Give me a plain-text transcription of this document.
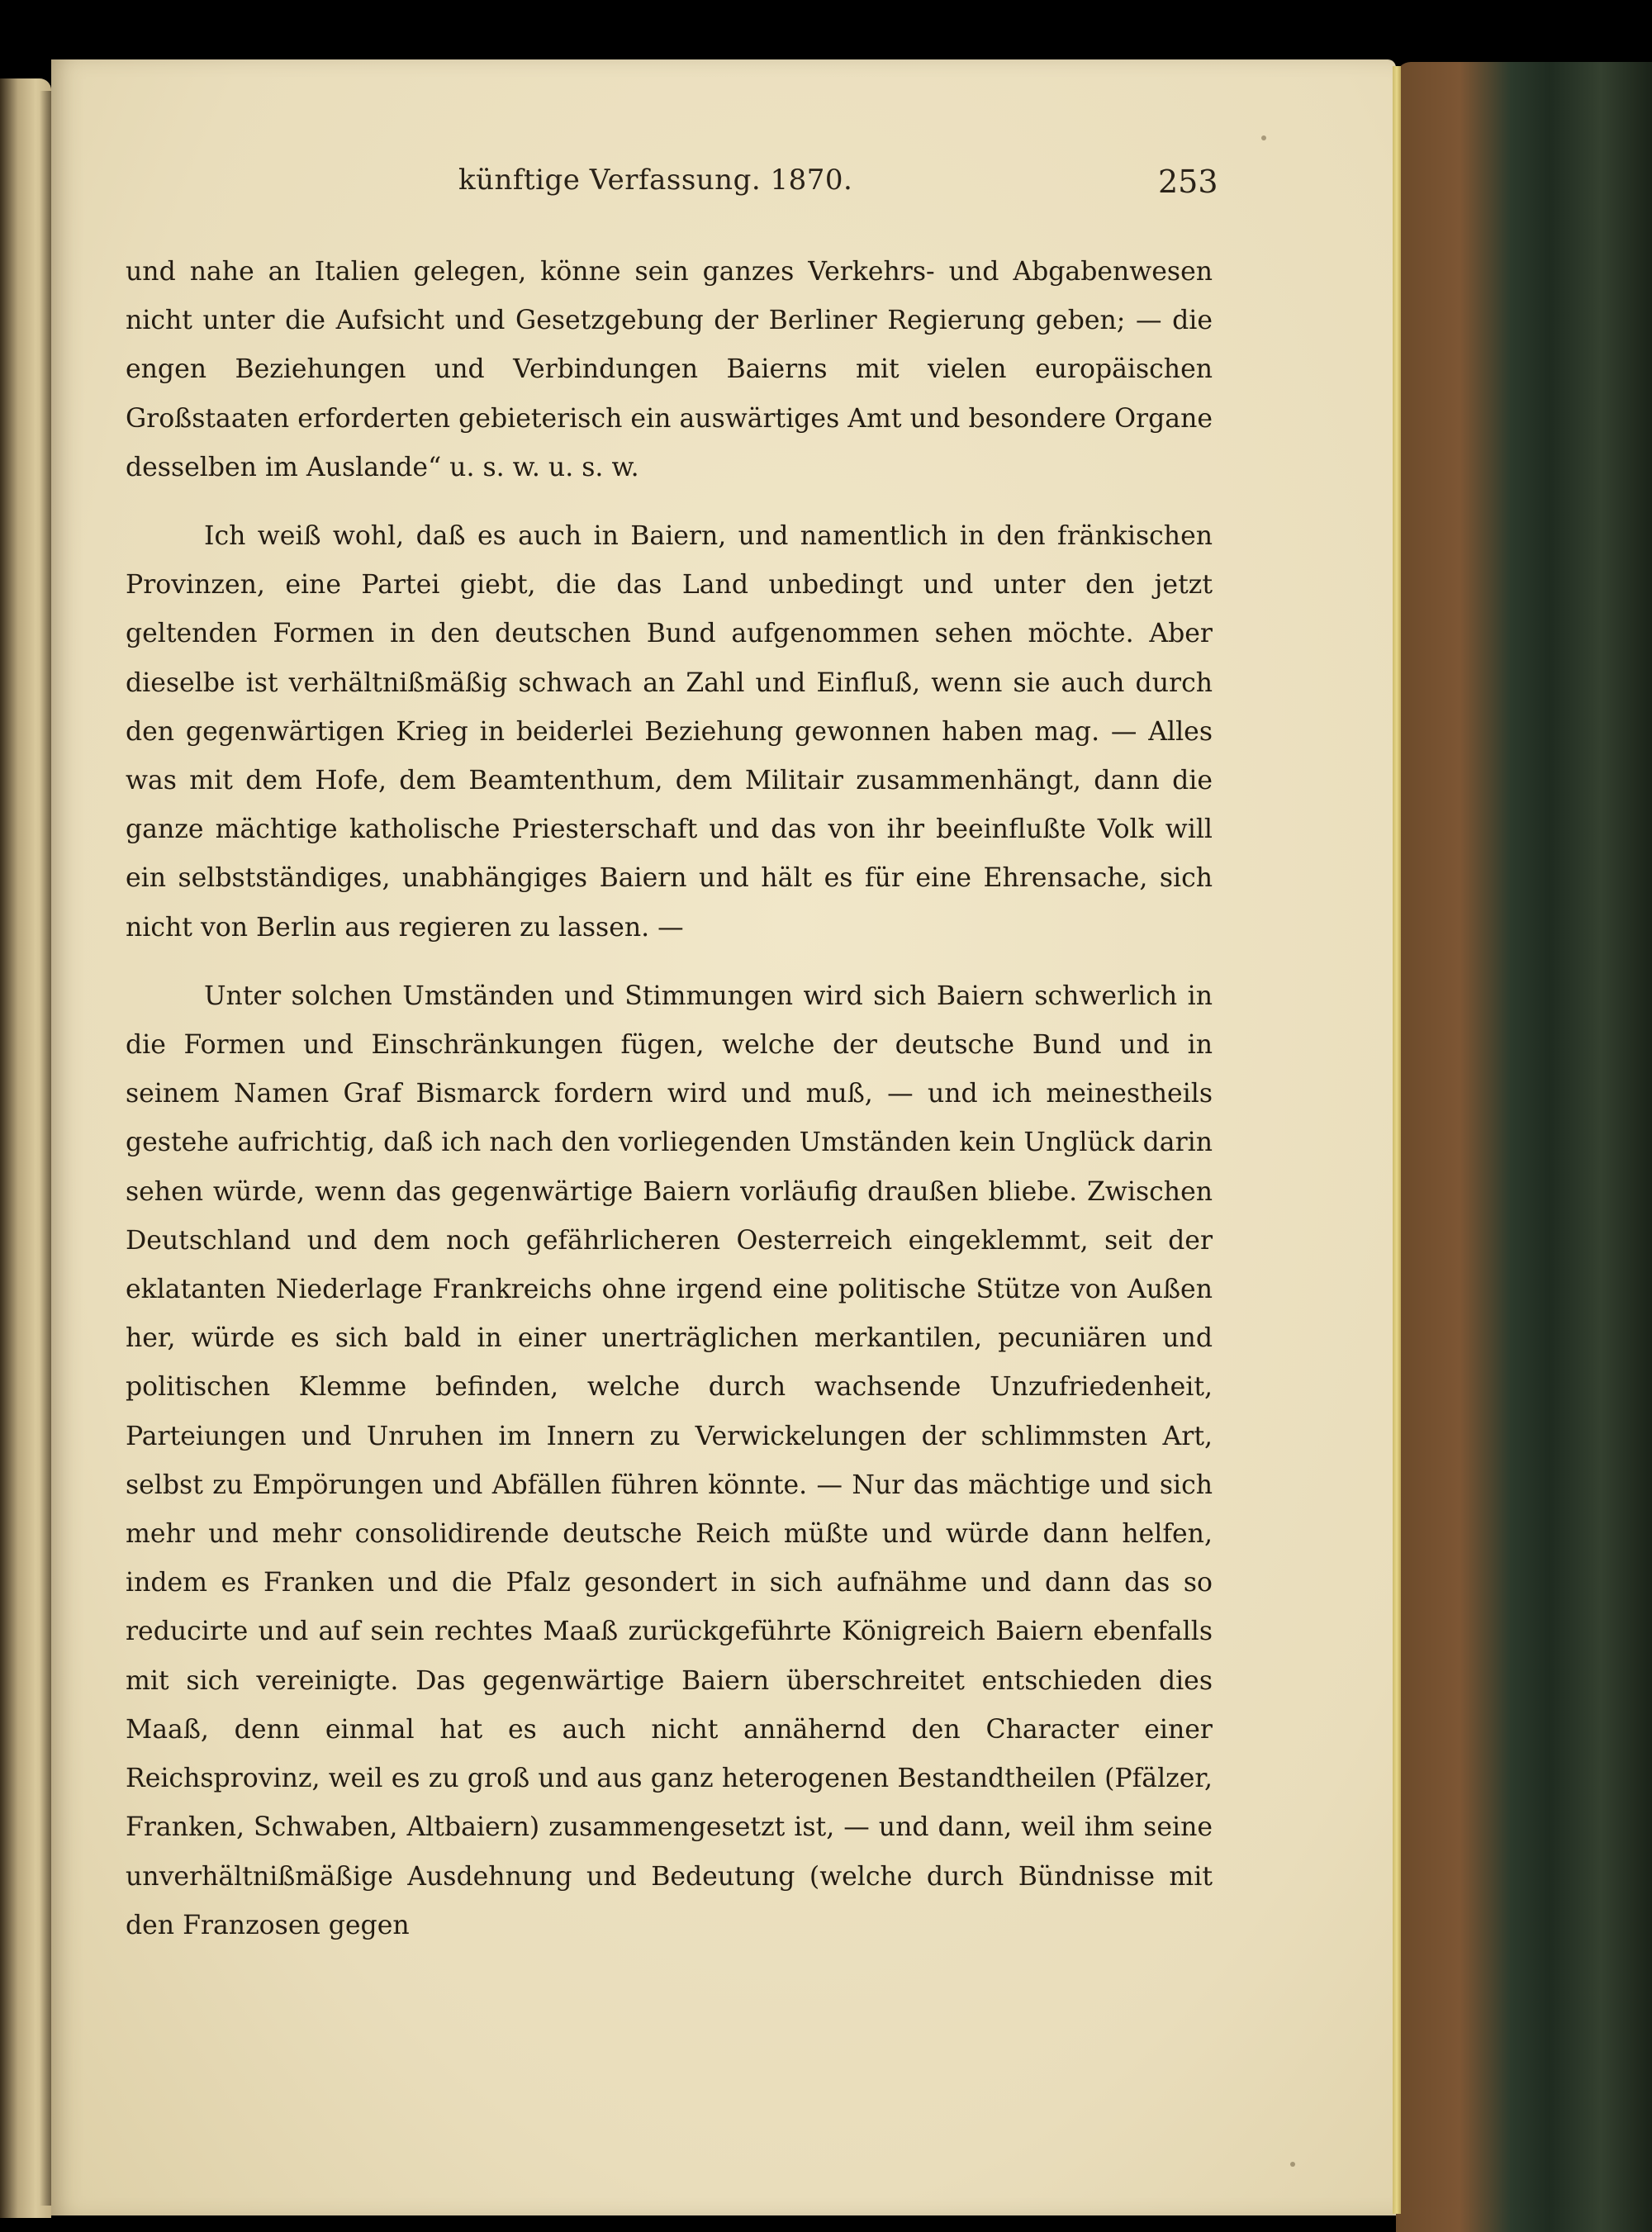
künftige Verfassung. 1870.	253

und nahe an Italien gelegen, könne sein ganzes Verkehrs- und Abgabenwesen nicht unter die Aufsicht und Gesetzgebung der Berliner Regierung geben; — die engen Beziehungen und Verbindungen Baierns mit vielen europäischen Großstaaten erforderten gebieterisch ein auswärtiges Amt und besondere Organe desselben im Auslande“ u. s. w. u. s. w.

Ich weiß wohl, daß es auch in Baiern, und namentlich in den fränkischen Provinzen, eine Partei giebt, die das Land unbedingt und unter den jetzt geltenden Formen in den deutschen Bund aufgenommen sehen möchte. Aber dieselbe ist verhältnißmäßig schwach an Zahl und Einfluß, wenn sie auch durch den gegenwärtigen Krieg in beiderlei Beziehung gewonnen haben mag. — Alles was mit dem Hofe, dem Beamtenthum, dem Militair zusammenhängt, dann die ganze mächtige katholische Priesterschaft und das von ihr beeinflußte Volk will ein selbstständiges, unabhängiges Baiern und hält es für eine Ehrensache, sich nicht von Berlin aus regieren zu lassen. —

Unter solchen Umständen und Stimmungen wird sich Baiern schwerlich in die Formen und Einschränkungen fügen, welche der deutsche Bund und in seinem Namen Graf Bismarck fordern wird und muß, — und ich meinestheils gestehe aufrichtig, daß ich nach den vorliegenden Umständen kein Unglück darin sehen würde, wenn das gegenwärtige Baiern vorläufig draußen bliebe. Zwischen Deutschland und dem noch gefährlicheren Oesterreich eingeklemmt, seit der eklatanten Niederlage Frankreichs ohne irgend eine politische Stütze von Außen her, würde es sich bald in einer unerträglichen merkantilen, pecuniären und politischen Klemme befinden, welche durch wachsende Unzufriedenheit, Parteiungen und Unruhen im Innern zu Verwickelungen der schlimmsten Art, selbst zu Empörungen und Abfällen führen könnte. — Nur das mächtige und sich mehr und mehr consolidirende deutsche Reich müßte und würde dann helfen, indem es Franken und die Pfalz gesondert in sich aufnähme und dann das so reducirte und auf sein rechtes Maaß zurückgeführte Königreich Baiern ebenfalls mit sich vereinigte. Das gegenwärtige Baiern überschreitet entschieden dies Maaß, denn einmal hat es auch nicht annähernd den Character einer Reichsprovinz, weil es zu groß und aus ganz heterogenen Bestandtheilen (Pfälzer, Franken, Schwaben, Altbaiern) zusammengesetzt ist, — und dann, weil ihm seine unverhältnißmäßige Ausdehnung und Bedeutung (welche durch Bündnisse mit den Franzosen gegen
